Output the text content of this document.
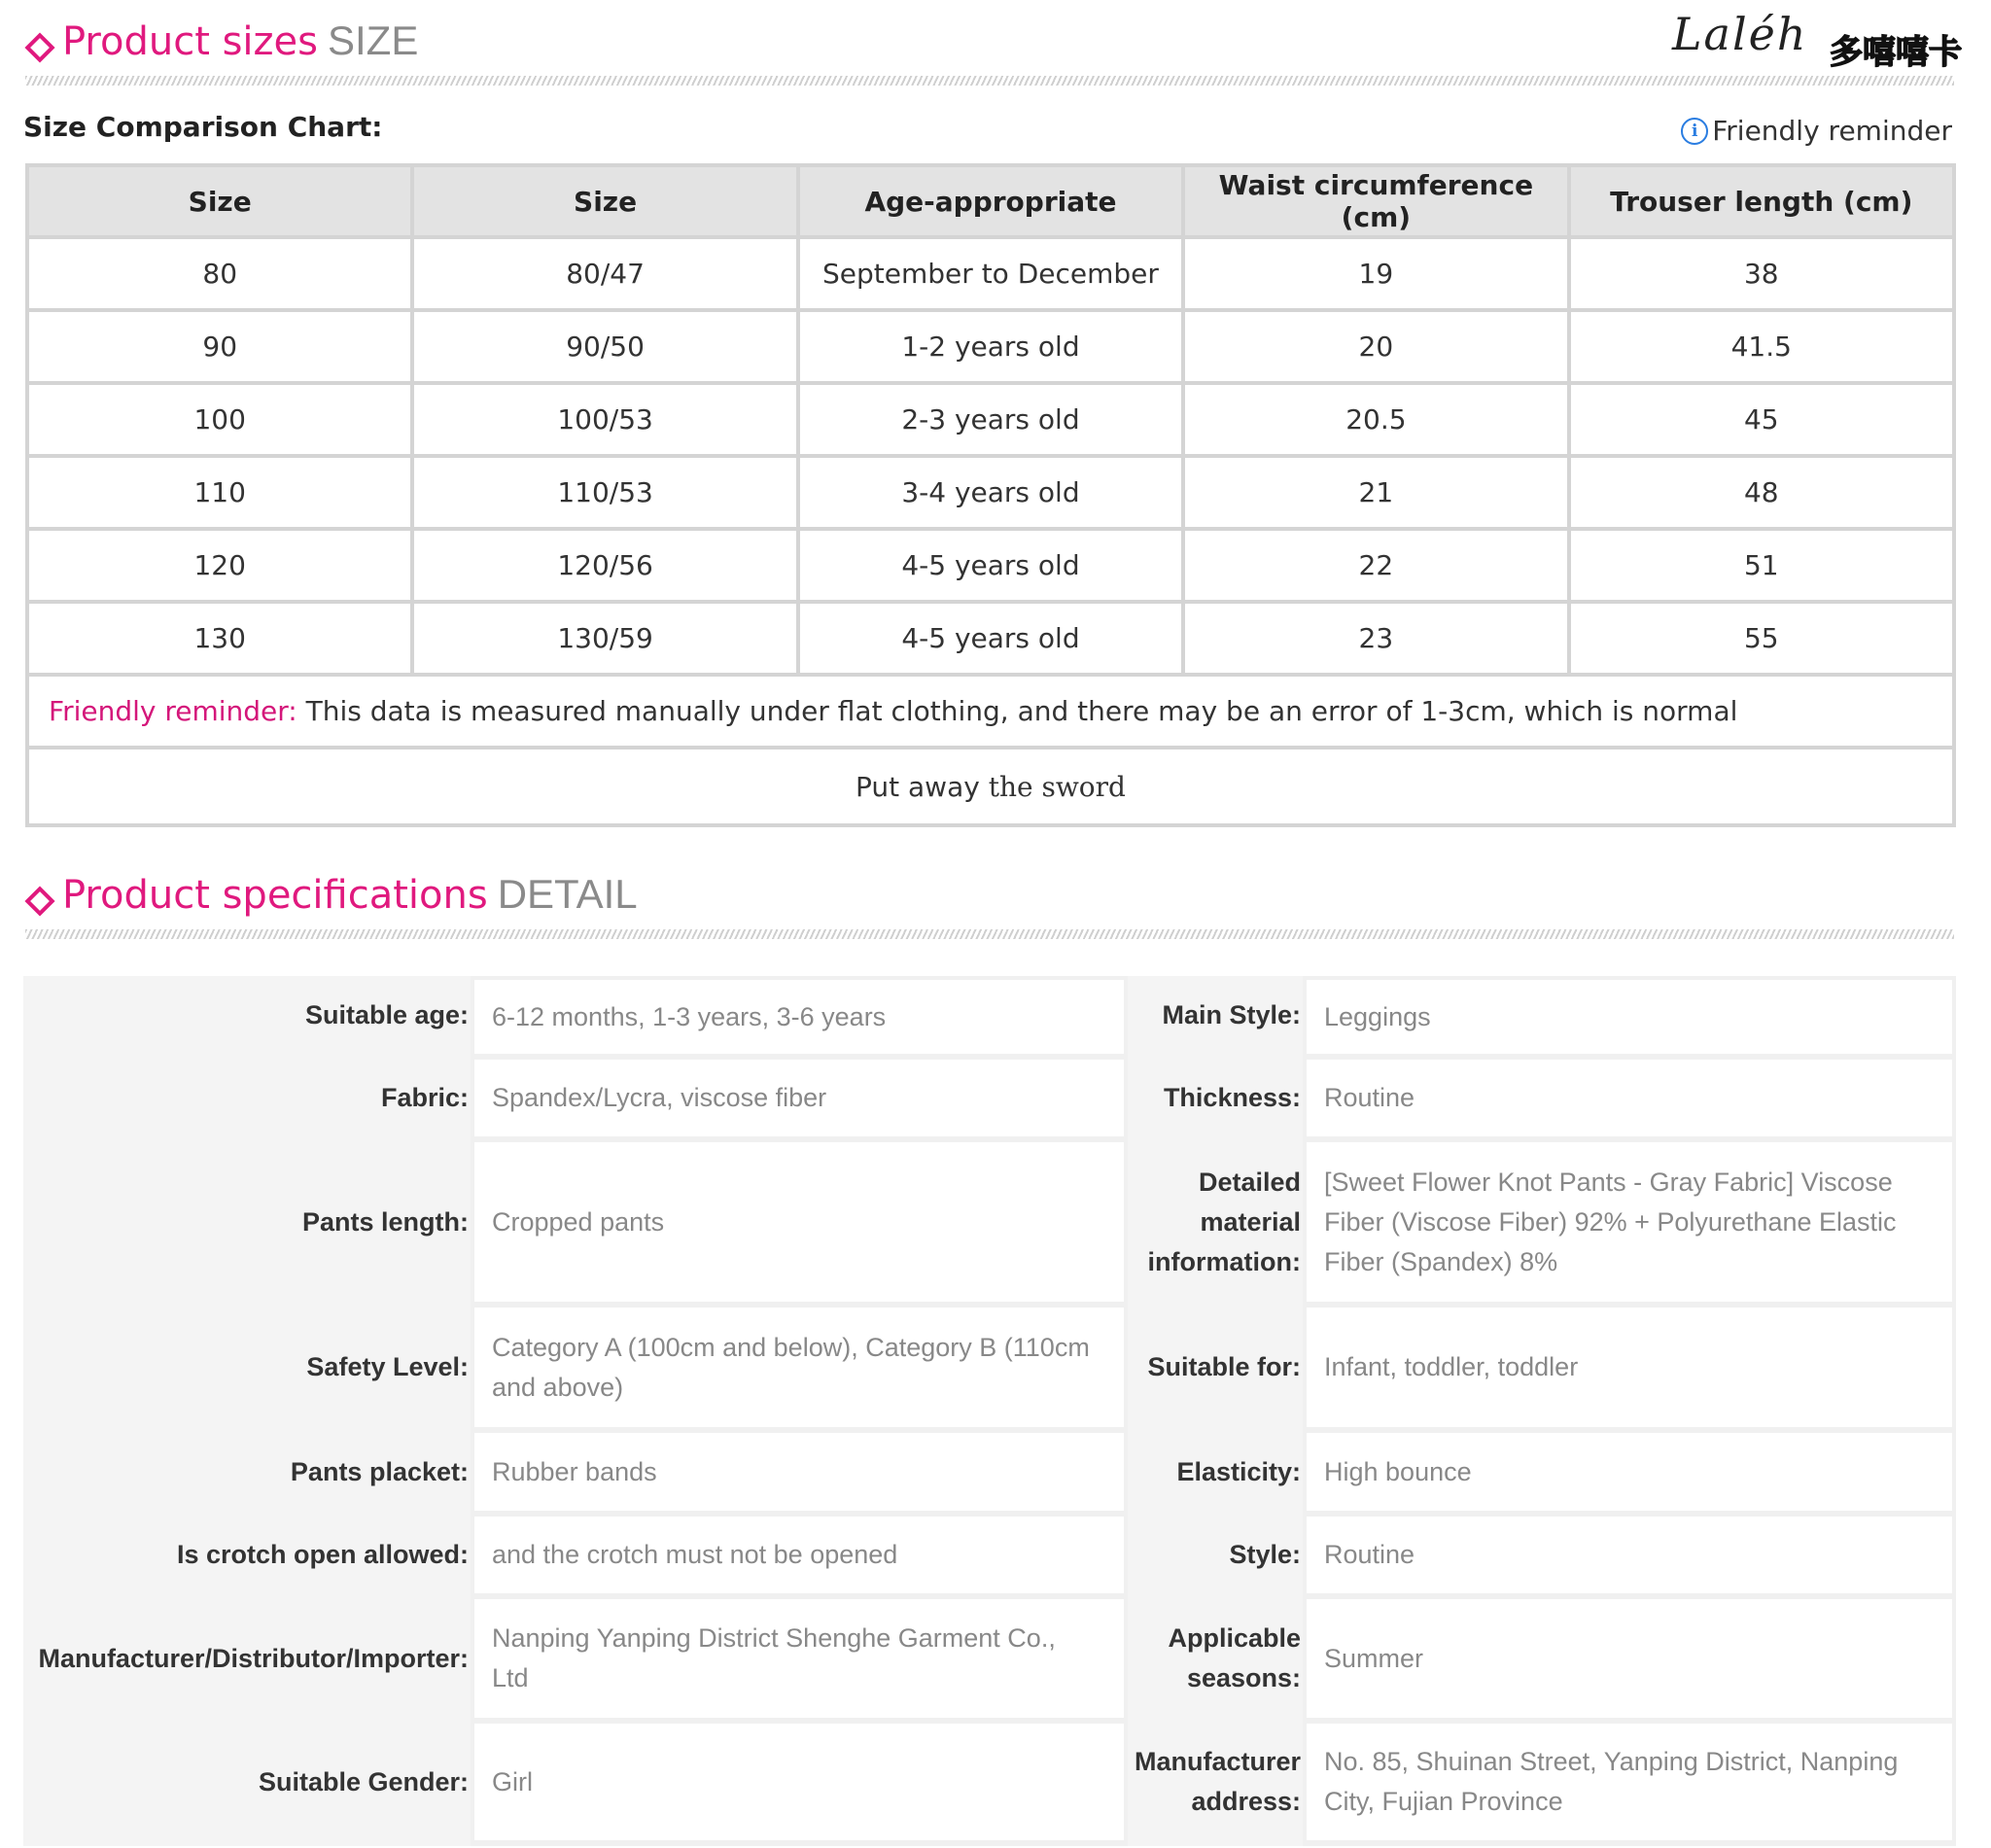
Product sizes SIZE	Laléh 多嘻嘻卡
Size Comparison Chart:	i Friendly reminder
Size	Size	Age-appropriate	Waist circumference (cm)	Trouser length (cm)
80	80/47	September to December	19	38
90	90/50	1-2 years old	20	41.5
100	100/53	2-3 years old	20.5	45
110	110/53	3-4 years old	21	48
120	120/56	4-5 years old	22	51
130	130/59	4-5 years old	23	55
Friendly reminder: This data is measured manually under flat clothing, and there may be an error of 1-3cm, which is normal				
Put away the sword				
Product specifications DETAIL
Suitable age:	6-12 months, 1-3 years, 3-6 years	Main Style:	Leggings
Fabric:	Spandex/Lycra, viscose fiber	Thickness:	Routine
Pants length:	Cropped pants	Detailed material information:	[Sweet Flower Knot Pants - Gray Fabric] Viscose Fiber (Viscose Fiber) 92% + Polyurethane Elastic Fiber (Spandex) 8%
Safety Level:	Category A (100cm and below), Category B (110cm and above)	Suitable for:	Infant, toddler, toddler
Pants placket:	Rubber bands	Elasticity:	High bounce
Is crotch open allowed:	and the crotch must not be opened	Style:	Routine
Manufacturer/Distributor/Importer:	Nanping Yanping District Shenghe Garment Co., Ltd	Applicable seasons:	Summer
Suitable Gender:	Girl	Manufacturer address:	No. 85, Shuinan Street, Yanping District, Nanping City, Fujian Province
